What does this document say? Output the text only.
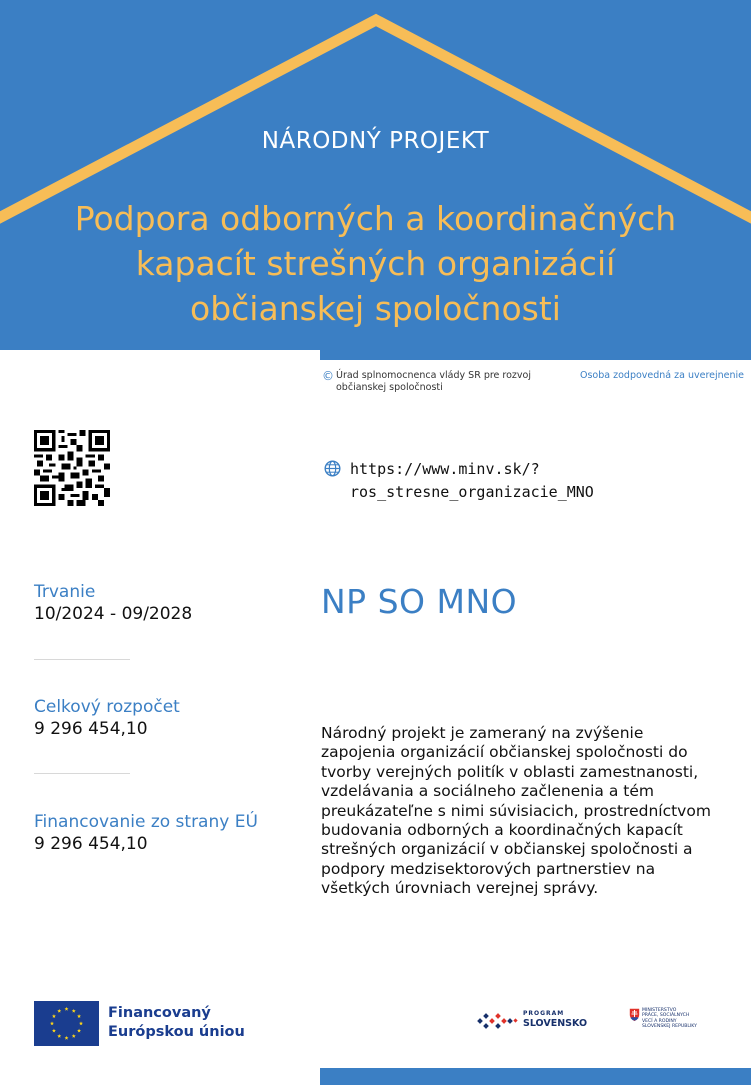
NÁRODNÝ PROJEKT
Podpora odborných a koordinačných
kapacít strešných organizácií
občianskej spoločnosti
© Úrad splnomocnenca vlády SR pre rozvoj občianskej spoločnostiOsoba zodpovedná za uverejnenie
https://www.minv.sk/?
ros_stresne_organizacie_MNO
Trvanie
10/2024 - 09/2028
Celkový rozpočet
9 296 454,10
Financovanie zo strany EÚ
9 296 454,10
NP SO MNO
Národný projekt je zameraný na zvýšenie zapojenia organizácií občianskej spoločnosti do tvorby verejných politík v oblasti zamestnanosti, vzdelávania a sociálneho začlenenia a tém preukázateľne s nimi súvisiacich, prostredníctvom budovania odborných a koordinačných kapacít strešných organizácií v občianskej spoločnosti a podpory medzisektorových partnerstiev na všetkých úrovniach verejnej správy.
Financovaný
Európskou úniou
PROGRAM
SLOVENSKO
MINISTERSTVO
PRÁCE, SOCIÁLNYCH
VECÍ A RODINY
SLOVENSKEJ REPUBLIKY
